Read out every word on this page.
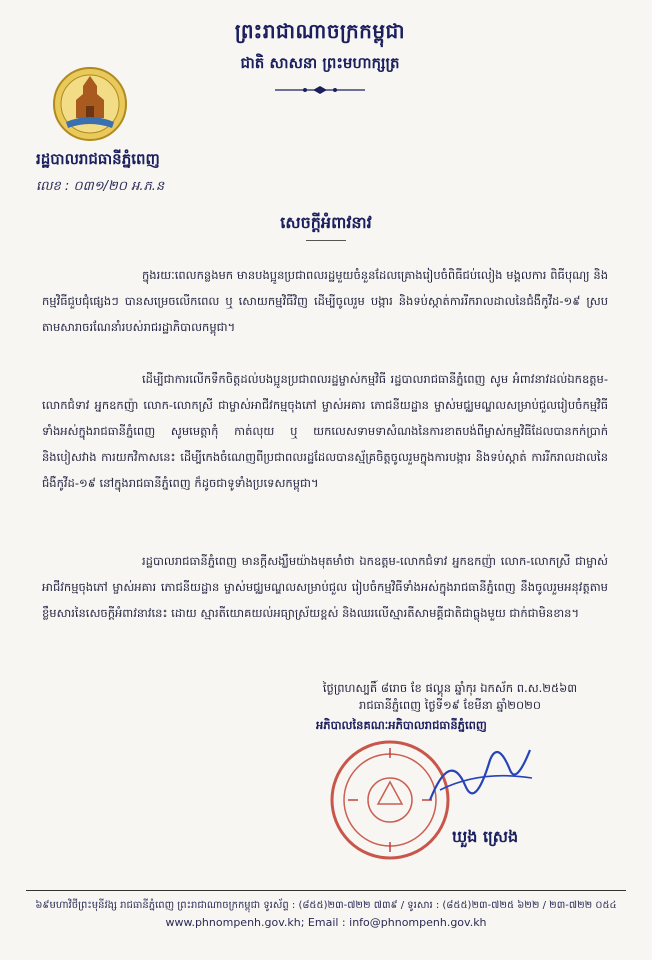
ព្រះរាជាណាចក្រកម្ពុជា
ជាតិ សាសនា ព្រះមហាក្សត្រ
រដ្ឋបាលរាជធានីភ្នំពេញ
លេខ : ០៣១/២០ អ.ភ.ន
សេចក្តីអំពាវនាវ

ក្នុងរយៈពេលកន្លងមក មានបងប្អូនប្រជាពលរដ្ឋមួយចំនួនដែលគ្រោងរៀបចំពិធីជប់លៀង មង្គលការ ពិធីបុណ្យ និងកម្មវិធីជួបជុំផ្សេងៗ បានសម្រេចលើកពេល ឬ សោយកម្មវិធីវិញ ដើម្បីចូលរួម បង្ការ និងទប់ស្កាត់ការរីករាលដាលនៃជំងឺកូវីដ-១៩ ស្របតាមសារាចរណែនាំរបស់រាជរដ្ឋាភិបាលកម្ពុជា។

ដើម្បីជាការលើកទឹកចិត្តដល់បងប្អូនប្រជាពលរដ្ឋម្ចាស់កម្មវិធី រដ្ឋបាលរាជធានីភ្នំពេញ សូម អំពាវនាវដល់ឯកឧត្តម-លោកជំទាវ អ្នកឧកញ៉ា លោក-លោកស្រី ជាម្ចាស់អាជីវកម្មចុងភៅ ម្ចាស់អគារ ភោជនីយដ្ឋាន ម្ចាស់មជ្ឈមណ្ឌលសម្រាប់ជួលរៀបចំកម្មវិធីទាំងអស់ក្នុងរាជធានីភ្នំពេញ សូមមេត្តាកុំ កាត់លុយ ឬ យកលេសទាមទាសំណងនៃការខាតបង់ពីម្ចាស់កម្មវិធីដែលបានកក់ប្រាក់ និងបៀសវាង ការយកវិកាសនេះ ដើម្បីកេងចំណេញពីប្រជាពលរដ្ឋដែលបានស្ម័គ្រចិត្តចូលរួមក្នុងការបង្ការ និងទប់ស្កាត់ ការរីករាលដាលនៃជំងឺកូវីដ-១៩ នៅក្នុងរាជធានីភ្នំពេញ ក៏ដូចជាទូទាំងប្រទេសកម្ពុជា។

រដ្ឋបាលរាជធានីភ្នំពេញ មានក្តីសង្ឃឹមយ៉ាងមុតមាំថា ឯកឧត្តម-លោកជំទាវ អ្នកឧកញ៉ា លោក-លោកស្រី ជាម្ចាស់អាជីវកម្មចុងភៅ ម្ចាស់អគារ ភោជនីយដ្ឋាន ម្ចាស់មជ្ឈមណ្ឌលសម្រាប់ជួល រៀបចំកម្មវិធីទាំងអស់ក្នុងរាជធានីភ្នំពេញ នឹងចូលរួមអនុវត្តតាមខ្លឹមសារនៃសេចក្តីអំពាវនាវនេះ ដោយ ស្មារតីយោគយល់អធ្យាស្រ័យខ្ពស់ និងឈរលើស្មារតីសាមគ្គីជាតិជាធ្លុងមួយ ជាក់ជាមិនខាន។

ថ្ងៃព្រហស្បតិ៍ ៨រោច ខែ ផល្គុន ឆ្នាំកុរ ឯកស័ក ព.ស.២៥៦៣
រាជធានីភ្នំពេញ ថ្ងៃទី១៩ ខែមីនា ឆ្នាំ២០២០
អភិបាលនៃគណៈអភិបាលរាជធានីភ្នំពេញ
ឃួង ស្រេង
៦៩មហាវិថីព្រះមុនីវង្ស រាជធានីភ្នំពេញ ព្រះរាជាណាចក្រកម្ពុជា ទូរស័ព្ទ : (៨៥៥)២៣-៧២២ ៧៣៩ / ទូរសារ : (៨៥៥)២៣-៧២៥ ៦២២ / ២៣-៧២២ ០៥៤
www.phnompenh.gov.kh; Email : info@phnompenh.gov.kh
